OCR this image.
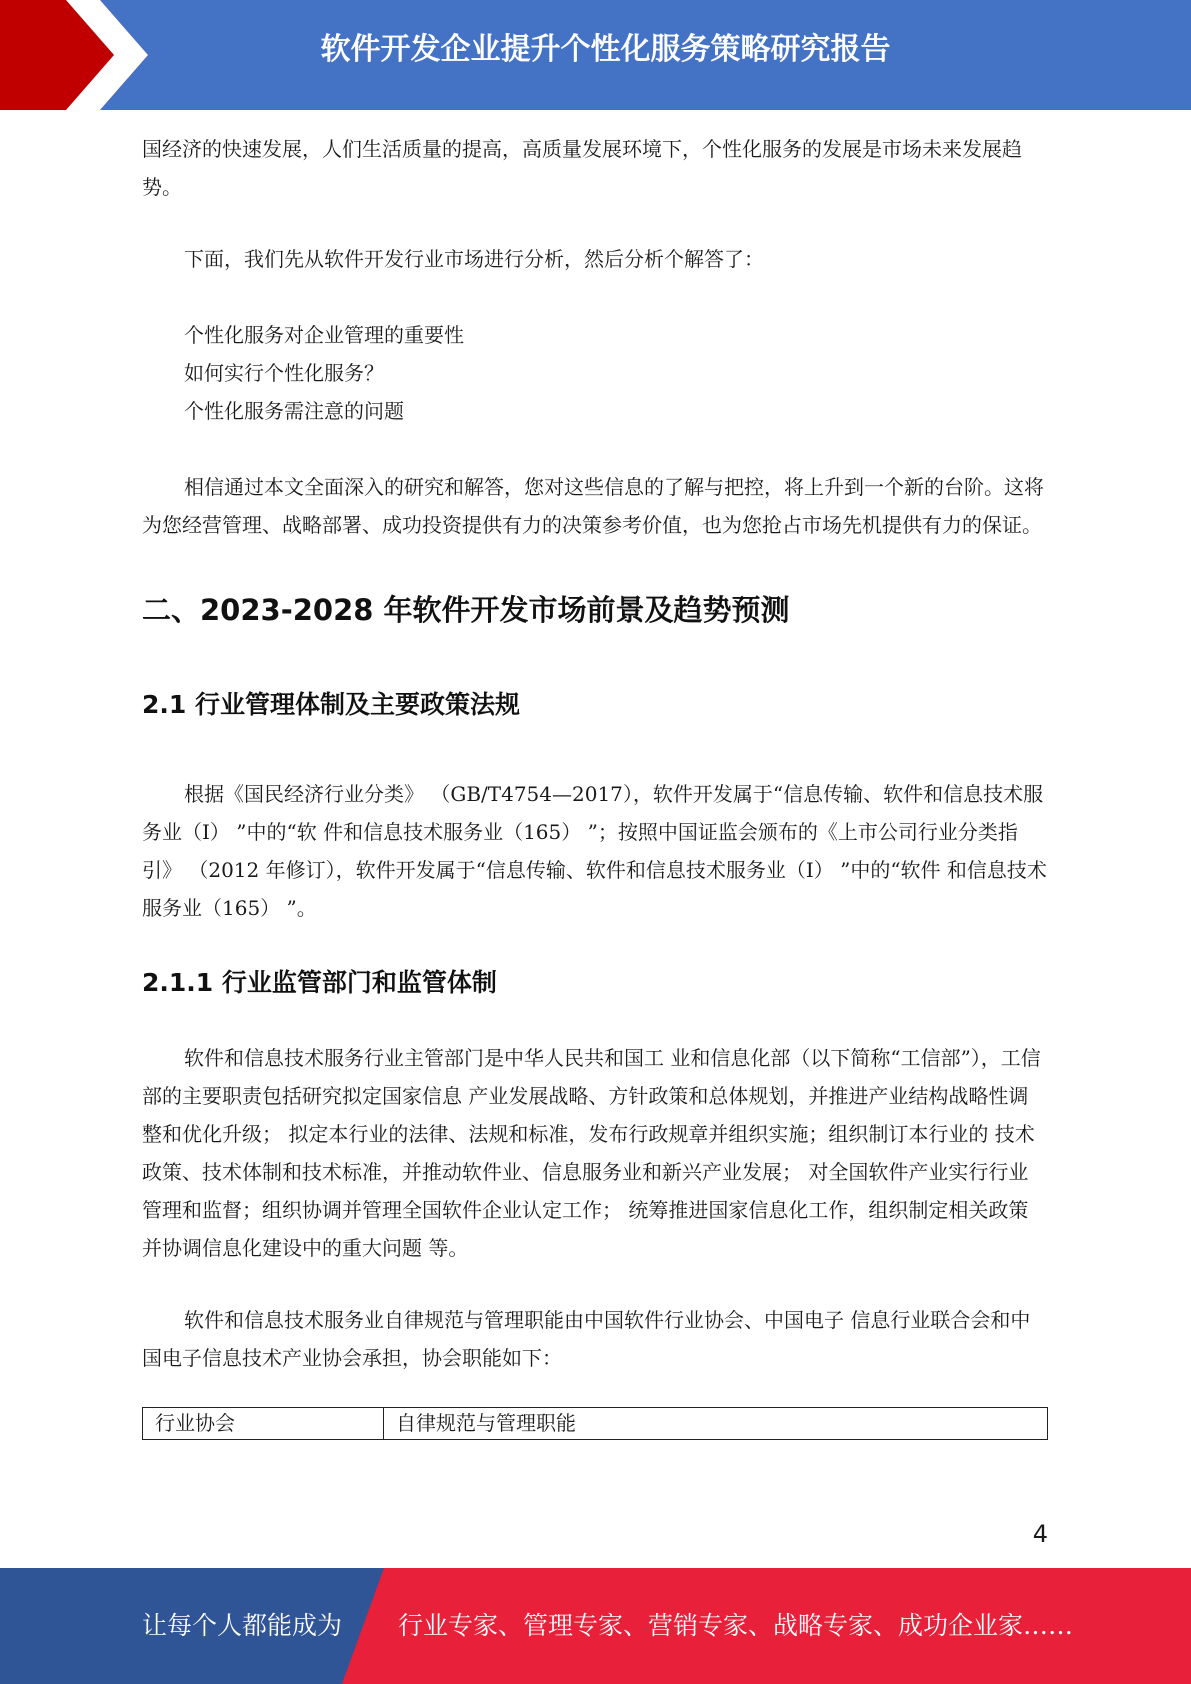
软件开发企业提升个性化服务策略研究报告

国经济的快速发展，人们生活质量的提高，高质量发展环境下，个性化服务的发展是市场未来发展趋势。

下面，我们先从软件开发行业市场进行分析，然后分析个解答了：

个性化服务对企业管理的重要性
如何实行个性化服务？
个性化服务需注意的问题

相信通过本文全面深入的研究和解答，您对这些信息的了解与把控，将上升到一个新的台阶。这将为您经营管理、战略部署、成功投资提供有力的决策参考价值，也为您抢占市场先机提供有力的保证。

二、2023-2028 年软件开发市场前景及趋势预测
2.1 行业管理体制及主要政策法规

根据《国民经济行业分类》 （GB/T4754—2017），软件开发属于“信息传输、软件和信息技术服务业（I） ”中的“软 件和信息技术服务业（165） ”；按照中国证监会颁布的《上市公司行业分类指引》 （2012 年修订），软件开发属于“信息传输、软件和信息技术服务业（I） ”中的“软件 和信息技术服务业（165） ”。

2.1.1 行业监管部门和监管体制

软件和信息技术服务行业主管部门是中华人民共和国工 业和信息化部（以下简称“工信部”），工信部的主要职责包括研究拟定国家信息 产业发展战略、方针政策和总体规划，并推进产业结构战略性调整和优化升级； 拟定本行业的法律、法规和标准，发布行政规章并组织实施；组织制订本行业的 技术政策、技术体制和技术标准，并推动软件业、信息服务业和新兴产业发展； 对全国软件产业实行行业管理和监督；组织协调并管理全国软件企业认定工作； 统筹推进国家信息化工作，组织制定相关政策并协调信息化建设中的重大问题 等。

软件和信息技术服务业自律规范与管理职能由中国软件行业协会、中国电子 信息行业联合会和中国电子信息技术产业协会承担，协会职能如下：

行业协会	自律规范与管理职能
4
让每个人都能成为 行业专家、管理专家、营销专家、战略专家、成功企业家……
